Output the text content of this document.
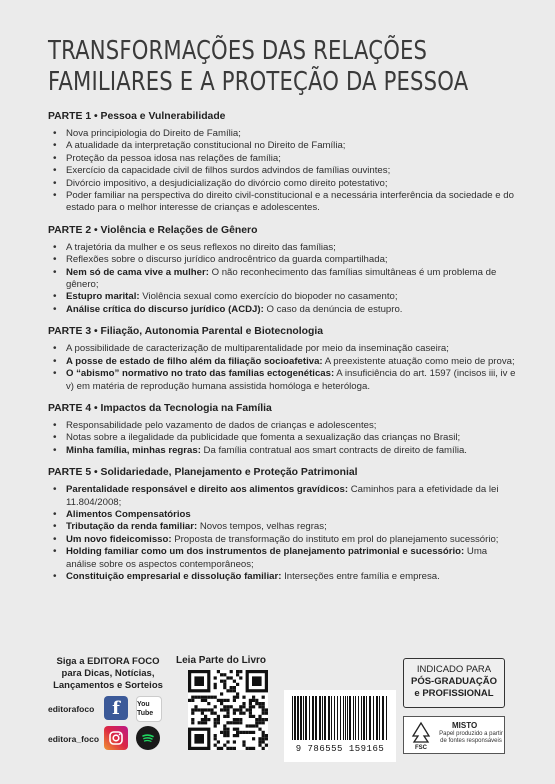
TRANSFORMAÇÕES DAS RELAÇÕES
FAMILIARES E A PROTEÇÃO DA PESSOA
PARTE 1 • Pessoa e Vulnerabilidade
• Nova principiologia do Direito de Família;
• A atualidade da interpretação constitucional no Direito de Família;
• Proteção da pessoa idosa nas relações de família;
• Exercício da capacidade civil de filhos surdos advindos de famílias ouvintes;
• Divórcio impositivo, a desjudicialização do divórcio como direito potestativo;
• Poder familiar na perspectiva do direito civil-constitucional e a necessária interferência da sociedade e do estado para o melhor interesse de crianças e adolescentes.
PARTE 2 • Violência e Relações de Gênero
• A trajetória da mulher e os seus reflexos no direito das famílias;
• Reflexões sobre o discurso jurídico androcêntrico da guarda compartilhada;
• Nem só de cama vive a mulher: O não reconhecimento das famílias simultâneas é um problema de gênero;
• Estupro marital: Violência sexual como exercício do biopoder no casamento;
• Análise crítica do discurso jurídico (ACDJ): O caso da denúncia de estupro.
PARTE 3 • Filiação, Autonomia Parental e Biotecnologia
• A possibilidade de caracterização de multiparentalidade por meio da inseminação caseira;
• A posse de estado de filho além da filiação socioafetiva: A preexistente atuação como meio de prova;
• O “abismo” normativo no trato das famílias ectogenéticas: A insuficiência do art. 1597 (incisos iii, iv e v) em matéria de reprodução humana assistida homóloga e heteróloga.
PARTE 4 • Impactos da Tecnologia na Família
• Responsabilidade pelo vazamento de dados de crianças e adolescentes;
• Notas sobre a ilegalidade da publicidade que fomenta a sexualização das crianças no Brasil;
• Minha família, minhas regras: Da família contratual aos smart contracts de direito de família.
PARTE 5 • Solidariedade, Planejamento e Proteção Patrimonial
• Parentalidade responsável e direito aos alimentos gravídicos: Caminhos para a efetividade da lei 11.804/2008;
• Alimentos Compensatórios
• Tributação da renda familiar: Novos tempos, velhas regras;
• Um novo fideicomisso: Proposta de transformação do instituto em prol do planejamento sucessório;
• Holding familiar como um dos instrumentos de planejamento patrimonial e sucessório: Uma análise sobre os aspectos contemporâneos;
• Constituição empresarial e dissolução familiar: Interseções entre família e empresa.
Siga a EDITORA FOCO para Dicas, Notícias, Lançamentos e Sorteios
editorafoco f	You Tube
editora_foco
Leia Parte do Livro
9 786555 159165
INDICADO PARA
PÓS-GRADUAÇÃO
e PROFISSIONAL
FSC
MISTO
Papel produzido a partir de fontes responsáveis
